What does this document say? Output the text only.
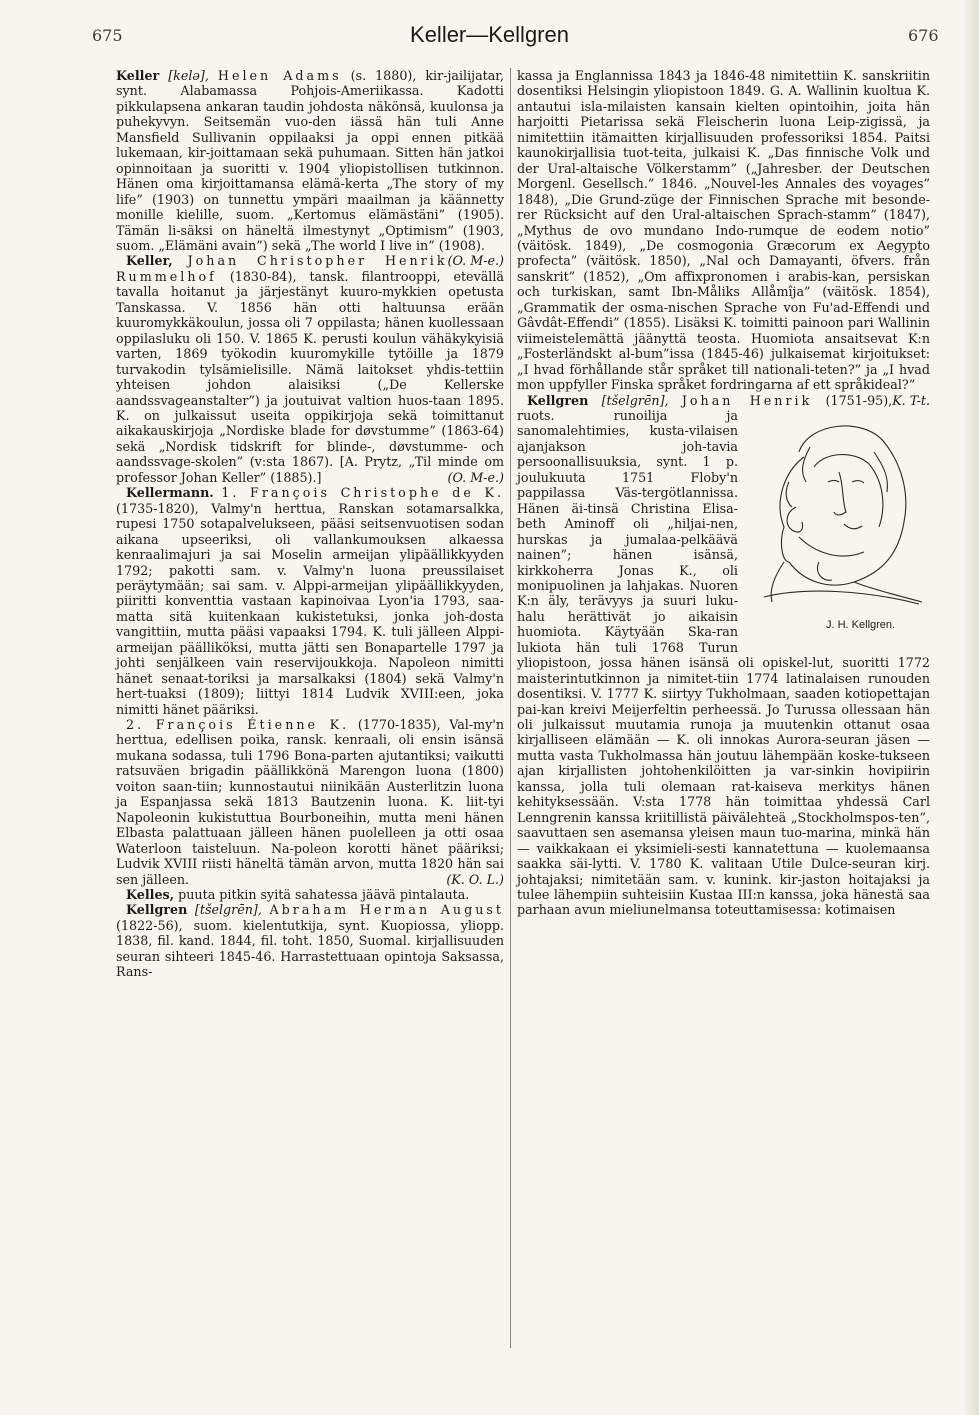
675	Keller—Kellgren	676

Keller [kelə], Helen Adams (s. 1880), kir-jailijatar, synt. Alabamassa Pohjois-Ameriikassa. Kadotti pikkulapsena ankaran taudin johdosta näkönsä, kuulonsa ja puhekyvyn. Seitsemän vuo-den iässä hän tuli Anne Mansfield Sullivanin oppilaaksi ja oppi ennen pitkää lukemaan, kir-joittamaan sekä puhumaan. Sitten hän jatkoi opinnoitaan ja suoritti v. 1904 yliopistollisen tutkinnon. Hänen oma kirjoittamansa elämä-kerta „The story of my life” (1903) on tunnettu ympäri maailman ja käännetty monille kielille, suom. „Kertomus elämästäni” (1905). Tämän li-säksi on häneltä ilmestynyt „Optimism” (1903, suom. „Elämäni avain”) sekä „The world I live in” (1908).
(O. M-e.)

Keller, Johan Christopher Henrik Rummelhof (1830-84), tansk. filantrooppi, etevällä tavalla hoitanut ja järjestänyt kuuro-mykkien opetusta Tanskassa. V. 1856 hän otti haltuunsa erään kuuromykkäkoulun, jossa oli 7 oppilasta; hänen kuollessaan oppilasluku oli 150. V. 1865 K. perusti koulun vähäkykyisiä varten, 1869 työkodin kuuromykille tytöille ja 1879 turvakodin tylsämielisille. Nämä laitokset yhdis-tettiin yhteisen johdon alaisiksi („De Kellerske aandssvageanstalter”) ja joutuivat valtion huos-taan 1895. K. on julkaissut useita oppikirjoja sekä toimittanut aikakauskirjoja „Nordiske blade for døvstumme” (1863-64) sekä „Nordisk tidskrift for blinde-, døvstumme- och aandssvage-skolen” (v:sta 1867). [A. Prytz, „Til minde om professor Johan Keller” (1885).]	(O. M-e.)

Kellermann. 1. François Christophe de K. (1735-1820), Valmy'n herttua, Ranskan sotamarsalkka, rupesi 1750 sotapalvelukseen, pääsi seitsenvuotisen sodan aikana upseeriksi, oli vallankumouksen alkaessa kenraalimajuri ja sai Moselin armeijan ylipäällikkyyden 1792; pakotti sam. v. Valmy'n luona preussilaiset peräytymään; sai sam. v. Alppi-armeijan ylipäällikkyyden, piiritti konventtia vastaan kapinoivaa Lyon'ia 1793, saa-matta sitä kuitenkaan kukistetuksi, jonka joh-dosta vangittiin, mutta pääsi vapaaksi 1794. K. tuli jälleen Alppi-armeijan päälliköksi, mutta jätti sen Bonapartelle 1797 ja johti senjälkeen vain reservijoukkoja. Napoleon nimitti hänet senaat-toriksi ja marsalkaksi (1804) sekä Valmy'n hert-tuaksi (1809); liittyi 1814 Ludvik XVIII:een, joka nimitti hänet pääriksi.

2. François Étienne K. (1770-1835), Val-my'n herttua, edellisen poika, ransk. kenraali, oli ensin isänsä mukana sodassa, tuli 1796 Bona-parten ajutantiksi; vaikutti ratsuväen brigadin päällikkönä Marengon luona (1800) voiton saan-tiin; kunnostautui niinikään Austerlitzin luona ja Espanjassa sekä 1813 Bautzenin luona. K. liit-tyi Napoleonin kukistuttua Bourboneihin, mutta meni hänen Elbasta palattuaan jälleen hänen puolelleen ja otti osaa Waterloon taisteluun. Na-poleon korotti hänet pääriksi; Ludvik XVIII riisti häneltä tämän arvon, mutta 1820 hän sai sen jälleen.	(K. O. L.)

Kelles, puuta pitkin syitä sahatessa jäävä pintalauta.

Kellgren [tšelgrēn], Abraham Herman August (1822-56), suom. kielentutkija, synt. Kuopiossa, yliopp. 1838, fil. kand. 1844, fil. toht. 1850, Suomal. kirjallisuuden seuran sihteeri 1845-46. Harrastettuaan opintoja Saksassa, Rans-

kassa ja Englannissa 1843 ja 1846-48 nimitettiin K. sanskriitin dosentiksi Helsingin yliopistoon 1849. G. A. Wallinin kuoltua K. antautui isla-milaisten kansain kielten opintoihin, joita hän harjoitti Pietarissa sekä Fleischerin luona Leip-zigissä, ja nimitettiin itämaitten kirjallisuuden professoriksi 1854. Paitsi kaunokirjallisia tuot-teita, julkaisi K. „Das finnische Volk und der Ural-altaische Völkerstamm” („Jahresber. der Deutschen Morgenl. Gesellsch.” 1846. „Nouvel-les Annales des voyages” 1848), „Die Grund-züge der Finnischen Sprache mit besonde-rer Rücksicht auf den Ural-altaischen Sprach-stamm” (1847), „Mythus de ovo mundano Indo-rumque de eodem notio” (väitösk. 1849), „De cosmogonia Græcorum ex Aegypto profecta” (väitösk. 1850), „Nal och Damayanti, öfvers. från sanskrit” (1852), „Om affixpronomen i arabis-kan, persiskan och turkiskan, samt Ibn-Måliks Allåmîja” (väitösk. 1854), „Grammatik der osma-nischen Sprache von Fu'ad-Effendi und Gâvdât-Effendi” (1855). Lisäksi K. toimitti painoon pari Wallinin viimeistelemättä jäänyttä teosta. Huomiota ansaitsevat K:n „Fosterländskt al-bum”issa (1845-46) julkaisemat kirjoitukset: „I hvad förhållande står språket till nationali-teten?” ja „I hvad mon uppfyller Finska språket fordringarna af ett språkideal?”
K. T-t.

Kellgren [tšelgrēn], Johan Henrik
J. H. Kellgren.
(1751-95), ruots. runoilija ja sanomalehtimies, kusta-vilaisen ajanjakson joh-tavia persoonallisuuksia, synt. 1 p. joulukuuta 1751 Floby'n pappilassa Väs-tergötlannissa. Hänen äi-tinsä Christina Elisa-beth Aminoff oli „hiljai-nen, hurskas ja jumalaa-pelkäävä nainen”; hänen isänsä, kirkkoherra Jonas K., oli monipuolinen ja lahjakas. Nuoren K:n äly, terävyys ja suuri luku-halu herättivät jo aikaisin huomiota. Käytyään Ska-ran lukiota hän tuli 1768 Turun yliopistoon, jossa hänen isänsä oli opiskel-lut, suoritti 1772 maisterintutkinnon ja nimitet-tiin 1774 latinalaisen runouden dosentiksi. V. 1777 K. siirtyy Tukholmaan, saaden kotiopettajan pai-kan kreivi Meijerfeltin perheessä. Jo Turussa ollessaan hän oli julkaissut muutamia runoja ja muutenkin ottanut osaa kirjalliseen elämään — K. oli innokas Aurora-seuran jäsen — mutta vasta Tukholmassa hän joutuu lähempään koske-tukseen ajan kirjallisten johtohenkilöitten ja var-sinkin hovipiirin kanssa, jolla tuli olemaan rat-kaiseva merkitys hänen kehityksessään. V:sta 1778 hän toimittaa yhdessä Carl Lenngrenin kanssa kriitillistä päivälehteä „Stockholmspos-ten”, saavuttaen sen asemansa yleisen maun tuo-marina, minkä hän — vaikkakaan ei yksimieli-sesti kannatettuna — kuolemaansa saakka säi-lytti. V. 1780 K. valitaan Utile Dulce-seuran kirj. johtajaksi; nimitetään sam. v. kunink. kir-jaston hoitajaksi ja tulee lähempiin suhteisiin Kustaa III:n kanssa, joka hänestä saa parhaan avun mieliunelmansa toteuttamisessa: kotimaisen
